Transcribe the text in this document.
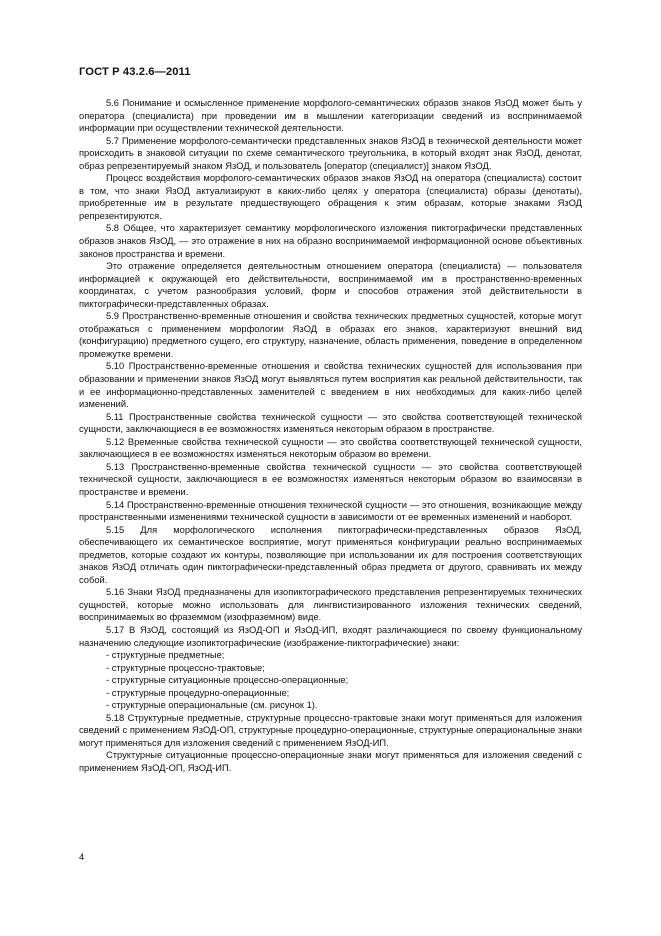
ГОСТ Р 43.2.6—2011

5.6 Понимание и осмысленное применение морфолого-семантических образов знаков ЯзОД может быть у оператора (специалиста) при проведении им в мышлении категоризации сведений из воспринимаемой информации при осуществлении технической деятельности.

5.7 Применение морфолого-семантически представленных знаков ЯзОД в технической деятельности может происходить в знаковой ситуации по схеме семантического треугольника, в который входят знак ЯзОД, денотат, образ репрезентируемый знаком ЯзОД, и пользователь [оператор (специалист)] знаком ЯзОД.

Процесс воздействия морфолого-семантических образов знаков ЯзОД на оператора (специалиста) состоит в том, что знаки ЯзОД актуализируют в каких-либо целях у оператора (специалиста) образы (денотаты), приобретенные им в результате предшествующего обращения к этим образам, которые знаками ЯзОД репрезентируются.

5.8 Общее, что характеризует семантику морфологического изложения пиктографически представленных образов знаков ЯзОД, — это отражение в них на образно воспринимаемой информационной основе объективных законов пространства и времени.

Это отражение определяется деятельностным отношением оператора (специалиста) — пользователя информацией к окружающей его действительности, воспринимаемой им в пространственно-временных координатах, с учетом разнообразия условий, форм и способов отражения этой действительности в пиктографически-представленных образах.

5.9 Пространственно-временные отношения и свойства технических предметных сущностей, которые могут отображаться с применением морфологии ЯзОД в образах его знаков, характеризуют внешний вид (конфигурацию) предметного сущего, его структуру, назначение, область применения, поведение в определенном промежутке времени.

5.10 Пространственно-временные отношения и свойства технических сущностей для использования при образовании и применении знаков ЯзОД могут выявляться путем восприятия как реальной действительности, так и ее информационно-представленных заменителей с введением в них необходимых для каких-либо целей изменений.

5.11 Пространственные свойства технической сущности — это свойства соответствующей технической сущности, заключающиеся в ее возможностях изменяться некоторым образом в пространстве.

5.12 Временные свойства технической сущности — это свойства соответствующей технической сущности, заключающиеся в ее возможностях изменяться некоторым образом во времени.

5.13 Пространственно-временные свойства технической сущности — это свойства соответствующей технической сущности, заключающиеся в ее возможностях изменяться некоторым образом во взаимосвязи в пространстве и времени.

5.14 Пространственно-временные отношения технической сущности — это отношения, возникающие между пространственными изменениями технической сущности в зависимости от ее временных изменений и наоборот.

5.15 Для морфологического исполнения пиктографически-представленных образов ЯзОД, обеспечивающего их семантическое восприятие, могут применяться конфигурации реально воспринимаемых предметов, которые создают их контуры, позволяющие при использовании их для построения соответствующих знаков ЯзОД отличать один пиктографически-представленный образ предмета от другого, сравнивать их между собой.

5.16 Знаки ЯзОД предназначены для изопиктографического представления репрезентируемых технических сущностей, которые можно использовать для лингвистизированного изложения технических сведений, воспринимаемых во фраземмом (изофраземном) виде.

5.17 В ЯзОД, состоящий из ЯзОД-ОП и ЯзОД-ИП, входят различающиеся по своему функциональному назначению следующие изопиктографические (изображение-пиктографические) знаки:

- структурные предметные;

- структурные процессно-трактовые;

- структурные ситуационные процессно-операционные;

- структурные процедурно-операционные;

- структурные операциональные (см. рисунок 1).

5.18 Структурные предметные, структурные процессно-трактовые знаки могут применяться для изложения сведений с применением ЯзОД-ОП, структурные процедурно-операционные, структурные операциональные знаки могут применяться для изложения сведений с применением ЯзОД-ИП.

Структурные ситуационные процессно-операционные знаки могут применяться для изложения сведений с применением ЯзОД-ОП, ЯзОД-ИП.

4
